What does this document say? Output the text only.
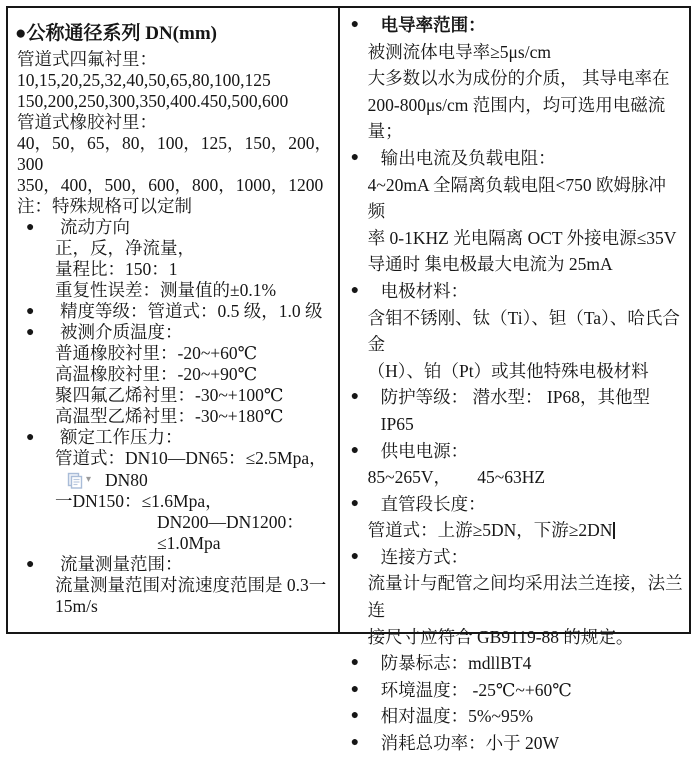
●公称通径系列 DN(mm)
管道式四氟衬里：
10,15,20,25,32,40,50,65,80,100,125
150,200,250,300,350,400.450,500,600
管道式橡胶衬里：
40，50，65，80，100，125，150，200，300
350，400，500，600，800，1000，1200
注：特殊规格可以定制
●	流动方向
正，反，净流量，
量程比：150：1
重复性误差：测量值的±0.1%
●	精度等级：管道式：0.5 级，1.0 级
●	被测介质温度：
普通橡胶衬里：-20~+60℃
高温橡胶衬里：-20~+90℃
聚四氟乙烯衬里：-30~+100℃
高温型乙烯衬里：-30~+180℃
●	额定工作压力：
管道式：DN10—DN65：≤2.5Mpa，▾ DN80
一DN150：≤1.6Mpa，
DN200—DN1200：≤1.0Mpa
●	流量测量范围：
流量测量范围对流速度范围是 0.3一15m/s
●	电导率范围：
被测流体电导率≥5μs/cm
大多数以水为成份的介质， 其导电率在
200-800μs/cm 范围内，均可选用电磁流量；
●	输出电流及负载电阻：
4~20mA 全隔离负载电阻<750 欧姆脉冲频
率 0-1KHZ 光电隔离 OCT 外接电源≤35V
导通时 集电极最大电流为 25mA
●	电极材料：
含钼不锈刚、钛（Ti）、钽（Ta）、哈氏合金
（H）、铂（Pt）或其他特殊电极材料
●	防护等级： 潜水型： IP68，其他型 IP65
●	供电电源：
85~265V，　　45~63HZ
●	直管段长度：
管道式：上游≥5DN，下游≥2DN
●	连接方式：
流量计与配管之间均采用法兰连接，法兰连
接尺寸应符合 GB9119-88 的规定。
●	防暴标志：mdllBT4
●	环境温度： -25℃~+60℃
●	相对温度：5%~95%
●	消耗总功率：小于 20W
